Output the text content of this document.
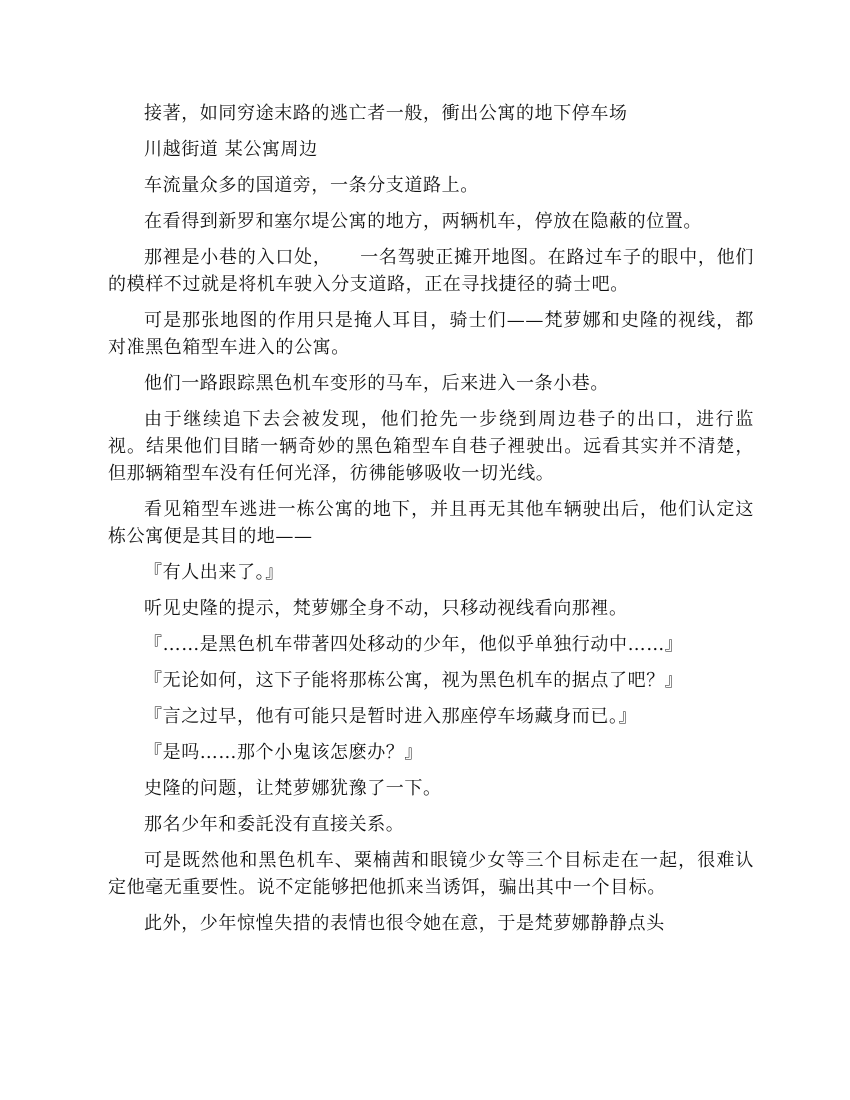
接著，如同穷途末路的逃亡者一般，衝出公寓的地下停车场

川越街道 某公寓周边

车流量众多的国道旁，一条分支道路上。

在看得到新罗和塞尔堤公寓的地方，两辆机车，停放在隐蔽的位置。

那裡是小巷的入口处，　　一名驾驶正摊开地图。在路过车子的眼中，他们的模样不过就是将机车驶入分支道路，正在寻找捷径的骑士吧。

可是那张地图的作用只是掩人耳目，骑士们——梵萝娜和史隆的视线，都对准黑色箱型车进入的公寓。

他们一路跟踪黑色机车变形的马车，后来进入一条小巷。

由于继续追下去会被发现，他们抢先一步绕到周边巷子的出口，进行监视。结果他们目睹一辆奇妙的黑色箱型车自巷子裡驶出。远看其实并不清楚，但那辆箱型车没有任何光泽，彷彿能够吸收一切光线。

看见箱型车逃进一栋公寓的地下，并且再无其他车辆驶出后，他们认定这栋公寓便是其目的地——

『有人出来了。』

听见史隆的提示，梵萝娜全身不动，只移动视线看向那裡。

『……是黑色机车带著四处移动的少年，他似乎单独行动中……』

『无论如何，这下子能将那栋公寓，视为黑色机车的据点了吧？』

『言之过早，他有可能只是暂时进入那座停车场藏身而已。』

『是吗……那个小鬼该怎麽办？』

史隆的问题，让梵萝娜犹豫了一下。

那名少年和委託没有直接关系。

可是既然他和黑色机车、粟楠茜和眼镜少女等三个目标走在一起，很难认定他毫无重要性。说不定能够把他抓来当诱饵，骗出其中一个目标。

此外，少年惊惶失措的表情也很令她在意，于是梵萝娜静静点头
